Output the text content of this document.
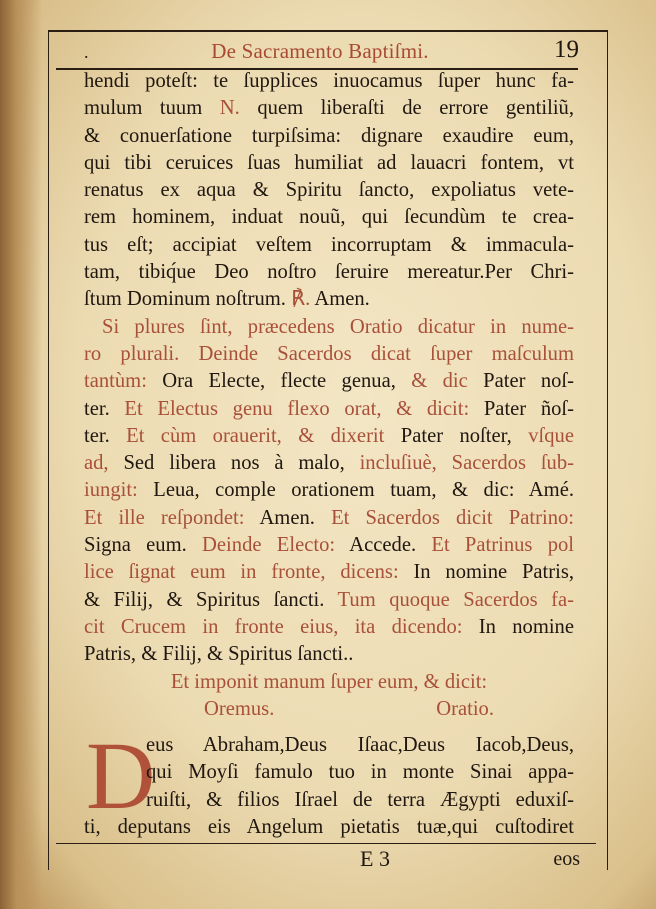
.	De Sacramento Baptiſmi.	19
hendi poteſt: te ſupplices inuocamus ſuper hunc fa-
mulum tuum N. quem liberaſti de errore gentiliũ,
& conuerſatione turpiſsima: dignare exaudire eum,
qui tibi ceruices ſuas humiliat ad lauacri fontem, vt
renatus ex aqua & Spiritu ſancto, expoliatus vete-
rem hominem, induat nouũ, qui ſecundùm te crea-
tus eſt; accipiat veſtem incorruptam & immacula-
tam, tibiq́ue Deo noſtro ſeruire mereatur.Per Chri-
ſtum Dominum noſtrum. ℟. Amen.
Si plures ſint, præcedens Oratio dicatur in nume-
ro plurali. Deinde Sacerdos dicat ſuper maſculum
tantùm: Ora Electe, flecte genua, & dic Pater noſ-
ter. Et Electus genu flexo orat, & dicit: Pater ñoſ-
ter. Et cùm orauerit, & dixerit Pater noſter, vſque
ad, Sed libera nos à malo, incluſiuè, Sacerdos ſub-
iungit: Leua, comple orationem tuam, & dic: Amé.
Et ille reſpondet: Amen. Et Sacerdos dicit Patrino:
Signa eum. Deinde Electo: Accede. Et Patrinus pol
lice ſignat eum in fronte, dicens: In nomine Patris,
& Filij, & Spiritus ſancti. Tum quoque Sacerdos fa-
cit Crucem in fronte eius, ita dicendo: In nomine
Patris, & Filij, & Spiritus ſancti..
Et imponit manum ſuper eum, & dicit:
Oremus.	Oratio.
D
eus Abraham,Deus Iſaac,Deus Iacob,Deus,
qui Moyſi famulo tuo in monte Sinai appa-
ruiſti, & filios Iſrael de terra Ægypti eduxiſ-
ti, deputans eis Angelum pietatis tuæ,qui cuſtodiret
E 3	eos
